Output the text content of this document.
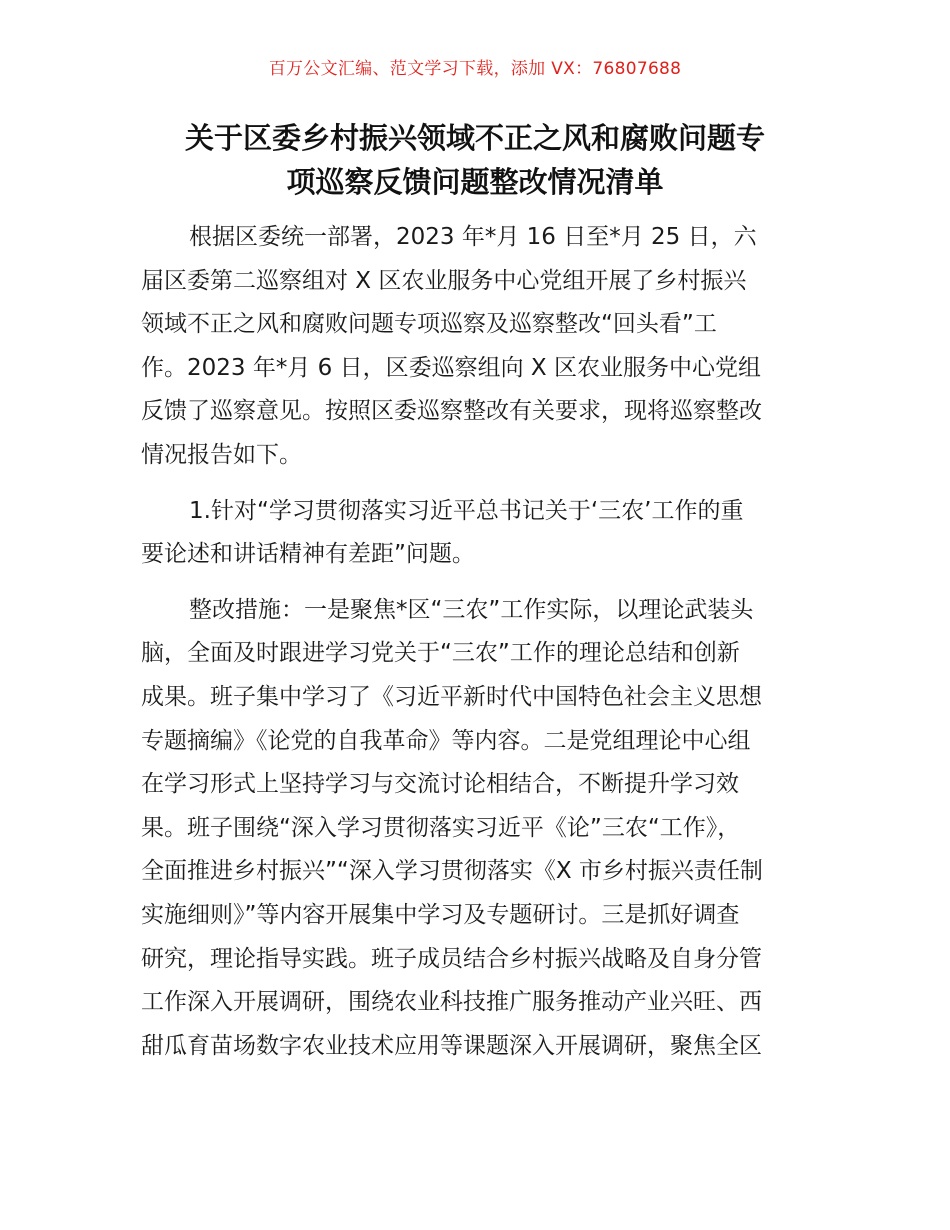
百万公文汇编、范文学习下载，添加 VX：76807688
关于区委乡村振兴领域不正之风和腐败问题专
项巡察反馈问题整改情况清单
根据区委统一部署，2023 年*月 16 日至*月 25 日，六
届区委第二巡察组对 X 区农业服务中心党组开展了乡村振兴
领域不正之风和腐败问题专项巡察及巡察整改“回头看”工
作。2023 年*月 6 日，区委巡察组向 X 区农业服务中心党组
反馈了巡察意见。按照区委巡察整改有关要求，现将巡察整改
情况报告如下。
1.针对“学习贯彻落实习近平总书记关于‘三农’工作的重
要论述和讲话精神有差距”问题。
整改措施：一是聚焦*区“三农”工作实际，以理论武装头
脑，全面及时跟进学习党关于“三农”工作的理论总结和创新
成果。班子集中学习了《习近平新时代中国特色社会主义思想
专题摘编》《论党的自我革命》等内容。二是党组理论中心组
在学习形式上坚持学习与交流讨论相结合，不断提升学习效
果。班子围绕“深入学习贯彻落实习近平《论”三农“工作》，
全面推进乡村振兴”“深入学习贯彻落实《X 市乡村振兴责任制
实施细则》”等内容开展集中学习及专题研讨。三是抓好调查
研究，理论指导实践。班子成员结合乡村振兴战略及自身分管
工作深入开展调研，围绕农业科技推广服务推动产业兴旺、西
甜瓜育苗场数字农业技术应用等课题深入开展调研，聚焦全区
